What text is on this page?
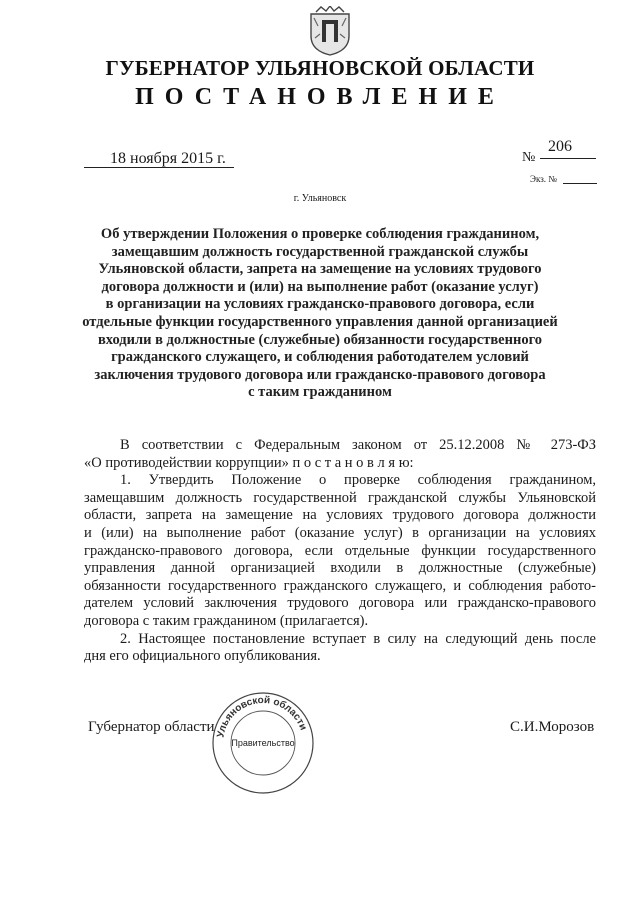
ГУБЕРНАТОР УЛЬЯНОВСКОЙ ОБЛАСТИ
ПОСТАНОВЛЕНИЕ
18 ноября 2015 г.	№
206
Экз. №
г. Ульяновск
Об утверждении Положения о проверке соблюдения гражданином,
замещавшим должность государственной гражданской службы
Ульяновской области, запрета на замещение на условиях трудового
договора должности и (или) на выполнение работ (оказание услуг)
в организации на условиях гражданско-правового договора, если
отдельные функции государственного управления данной организацией
входили в должностные (служебные) обязанности государственного
гражданского служащего, и соблюдения работодателем условий
заключения трудового договора или гражданско-правового договора
с таким гражданином
В соответствии с Федеральным законом от 25.12.2008 № 273-ФЗ
«О противодействии коррупции» п о с т а н о в л я ю:
1. Утвердить Положение о проверке соблюдения гражданином,
замещавшим должность государственной гражданской службы Ульяновской
области, запрета на замещение на условиях трудового договора должности
и (или) на выполнение работ (оказание услуг) в организации на условиях
гражданско-правового договора, если отдельные функции государственного
управления данной организацией входили в должностные (служебные)
обязанности государственного гражданского служащего, и соблюдения работо-
дателем условий заключения трудового договора или гражданско-правового
договора с таким гражданином (прилагается).
2. Настоящее постановление вступает в силу на следующий день после
дня его официального опубликования.
Губернатор области	С.И.Морозов
Ульяновской области
Правительство
